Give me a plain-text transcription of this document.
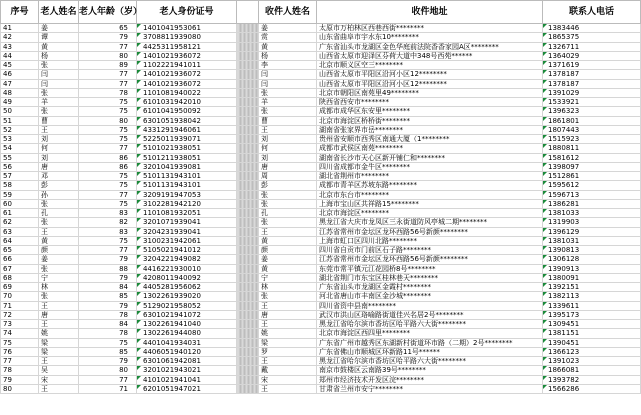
序号	老人姓名	老人年龄（岁）	老人身份证号		收件人姓名	收件地址	联系人电话
41	姜	65	1401041953061		姜	太原市万柏林区西巷西街********	1383446
42	谭	79	3708811939080		赏	山东省曲阜市宇水东10********	1865375
43	黄	77	4425311958121		黄	广东省汕头市龙湖区金色华庭前法院香香家园A区********	1326711
44	杨	80	1401021936072		杨	山西省太原市迎泽区芬荷大道中348号西苑******	1364029
45	张	89	1102221941011		李	北京市顺义区空三********	1371619
46	闫	77	1401021936072		闫	山西省太原市平阳区沿河小区12********	1378187
47	闫	77	1401021936072		闫	山西省太原市平阳区沿河小区12********	1378187
48	张	78	1101081940022		张	北京市朝阳区南苑里49********	1391029
49	羊	75	6101031942010		羊	陕西省西安市********	1533921
50	张	75	6101041950092		张	成都市成华区东安里********	1396323
51	曹	80	6301051938042		曹	北京市海淀区桥桥街********	1861801
52	王	75	4331291946061		王	湖南省张家界市岳********	1807443
53	刘	75	5225011939071		刘	贵州省安顺市西秀区南通大厦（1********	1515923
54	何	77	5101021938051		何	成都市武侯区南苑********	1880811
55	刘	86	5101211938051		刘	湖南省长沙市天心区新开铺仁和********	1581612
56	唐	86	3201041939081		唐	四川省成都市金牛区********	1398097
57	邓	75	5101131943101		周	湖北省荆州市********	1512861
58	彭	75	5101131943101		彭	成都市青羊区苏坡东路********	1595612
59	孙	77	3209191947053		张	北京市东台市********	1596713
60	张	75	3102281942120		张	上海市宝山区共祥路15********	1386281
61	孔	83	1101081932051		孔	北京市海淀区********	1381033
62	张	82	3201071939041		张	黑龙江省大庆市龙凤区三永街道防风亭城二期********	1319903
63	王	83	3204231939041		王	江苏省常州市金坛区龙环西路56号新颜********	1396129
64	黄	75	3100231942061		黄	上海市虹口区四川北路********	1381031
65	颜	77	5105021941012		颜	四川省自贡市门前区石子路********	1390813
66	姜	79	3204221949082		姜	江苏省常州市金坛区龙环西路56号新颜********	1306128
67	张	88	4416221930010		黄	东莞市常平镇元江花园桥8号********	1390913
68	宁	79	4208011940092		宁	湖北省荆门市东宝区桂林巷天********	1380091
69	林	84	4405281956062		林	广东省汕头市龙湖区金霞村********	1392151
70	张	85	1302261939020		张	河北省唐山市丰南区金沙城********	1382113
71	王	79	5129021958052		王	四川省资中县南********	1339611
72	唐	78	6301021941072		唐	武汉市洪山区珞喻路街道佳兴名居2号********	1395173
73	王	84	1302261941040		王	黑龙江省哈尔滨市香坊区哈平路六大街********	1309451
74	姚	78	1302261944080		姚	北京市海淀区西四里********	1381151
75	梁	75	4401041934031		梁	广东省广州市越秀区东湖新村街道环市路（二期）2号********	1390451
76	梁	85	4406051940120		罗	广东省佛山市顺城区环新路11号******	1366123
77	王	79	6301061942081		王	黑龙江省哈尔滨市香坊区哈平路六大街********	1391023
78	吴	80	3201021943021		戴	南京市鼓楼区云南路39号********	1866081
79	宋	77	4101021941041		宋	郑州市经济技术开发区浣********	1393782
80	王	71	6201051947021		王	甘肃省兰州市安宁********	1566286
